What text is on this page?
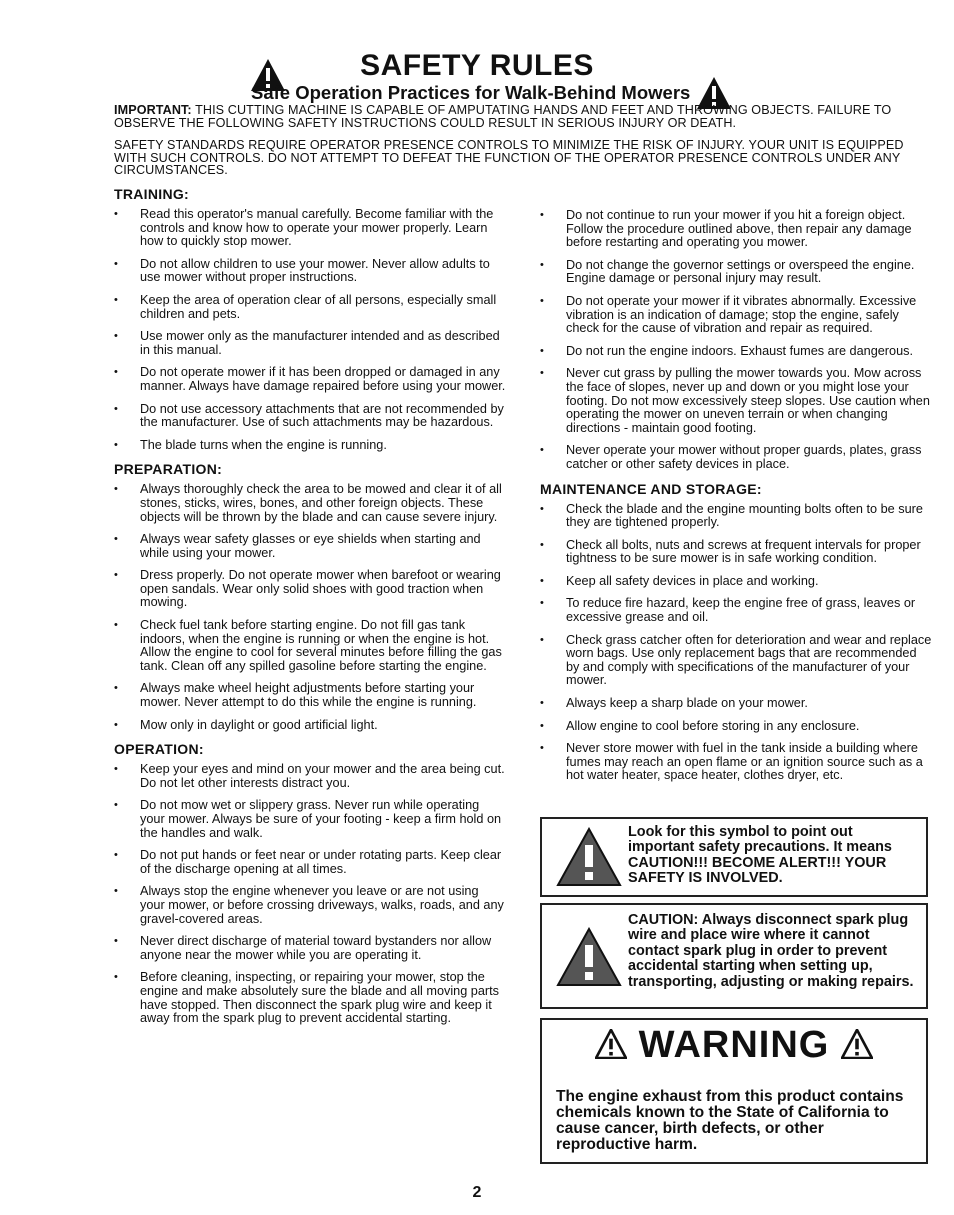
SAFETY RULES
Safe Operation Practices for Walk-Behind Mowers
IMPORTANT: THIS CUTTING MACHINE IS CAPABLE OF AMPUTATING HANDS AND FEET AND THROWING OBJECTS. FAILURE TO OBSERVE THE FOLLOWING SAFETY INSTRUCTIONS COULD RESULT IN SERIOUS INJURY OR DEATH.
SAFETY STANDARDS REQUIRE OPERATOR PRESENCE CONTROLS TO MINIMIZE THE RISK OF INJURY. YOUR UNIT IS EQUIPPED WITH SUCH CONTROLS. DO NOT ATTEMPT TO DEFEAT THE FUNCTION OF THE OPERATOR PRESENCE CONTROLS UNDER ANY CIRCUMSTANCES.
TRAINING:
• Read this operator's manual carefully. Become familiar with the controls and know how to operate your mower properly. Learn how to quickly stop mower.
• Do not allow children to use your mower. Never allow adults to use mower without proper instructions.
• Keep the area of operation clear of all persons, especially small children and pets.
• Use mower only as the manufacturer intended and as described in this manual.
• Do not operate mower if it has been dropped or damaged in any manner. Always have damage repaired before using your mower.
• Do not use accessory attachments that are not recommended by the manufacturer. Use of such attachments may be hazardous.
• The blade turns when the engine is running.
PREPARATION:
• Always thoroughly check the area to be mowed and clear it of all stones, sticks, wires, bones, and other foreign objects. These objects will be thrown by the blade and can cause severe injury.
• Always wear safety glasses or eye shields when starting and while using your mower.
• Dress properly. Do not operate mower when barefoot or wearing open sandals. Wear only solid shoes with good traction when mowing.
• Check fuel tank before starting engine. Do not fill gas tank indoors, when the engine is running or when the engine is hot. Allow the engine to cool for several minutes before filling the gas tank. Clean off any spilled gasoline before starting the engine.
• Always make wheel height adjustments before starting your mower. Never attempt to do this while the engine is running.
• Mow only in daylight or good artificial light.
OPERATION:
• Keep your eyes and mind on your mower and the area being cut. Do not let other interests distract you.
• Do not mow wet or slippery grass. Never run while operating your mower. Always be sure of your footing - keep a firm hold on the handles and walk.
• Do not put hands or feet near or under rotating parts. Keep clear of the discharge opening at all times.
• Always stop the engine whenever you leave or are not using your mower, or before crossing driveways, walks, roads, and any gravel-covered areas.
• Never direct discharge of material toward bystanders nor allow anyone near the mower while you are operating it.
• Before cleaning, inspecting, or repairing your mower, stop the engine and make absolutely sure the blade and all moving parts have stopped. Then disconnect the spark plug wire and keep it away from the spark plug to prevent accidental starting.
• Do not continue to run your mower if you hit a foreign object. Follow the procedure outlined above, then repair any damage before restarting and operating you mower.
• Do not change the governor settings or overspeed the engine. Engine damage or personal injury may result.
• Do not operate your mower if it vibrates abnormally. Excessive vibration is an indication of damage; stop the engine, safely check for the cause of vibration and repair as required.
• Do not run the engine indoors. Exhaust fumes are dangerous.
• Never cut grass by pulling the mower towards you. Mow across the face of slopes, never up and down or you might lose your footing. Do not mow excessively steep slopes. Use caution when operating the mower on uneven terrain or when changing directions - maintain good footing.
• Never operate your mower without proper guards, plates, grass catcher or other safety devices in place.
MAINTENANCE AND STORAGE:
• Check the blade and the engine mounting bolts often to be sure they are tightened properly.
• Check all bolts, nuts and screws at frequent intervals for proper tightness to be sure mower is in safe working condition.
• Keep all safety devices in place and working.
• To reduce fire hazard, keep the engine free of grass, leaves or excessive grease and oil.
• Check grass catcher often for deterioration and wear and replace worn bags. Use only replacement bags that are recommended by and comply with specifications of the manufacturer of your mower.
• Always keep a sharp blade on your mower.
• Allow engine to cool before storing in any enclosure.
• Never store mower with fuel in the tank inside a building where fumes may reach an open flame or an ignition source such as a hot water heater, space heater, clothes dryer, etc.
Look for this symbol to point out important safety precautions. It means CAUTION!!! BECOME ALERT!!! YOUR SAFETY IS INVOLVED.
CAUTION: Always disconnect spark plug wire and place wire where it cannot contact spark plug in order to prevent accidental starting when setting up, transporting, adjusting or making repairs.
WARNING
The engine exhaust from this product contains chemicals known to the State of California to cause cancer, birth defects, or other reproductive harm.
2
